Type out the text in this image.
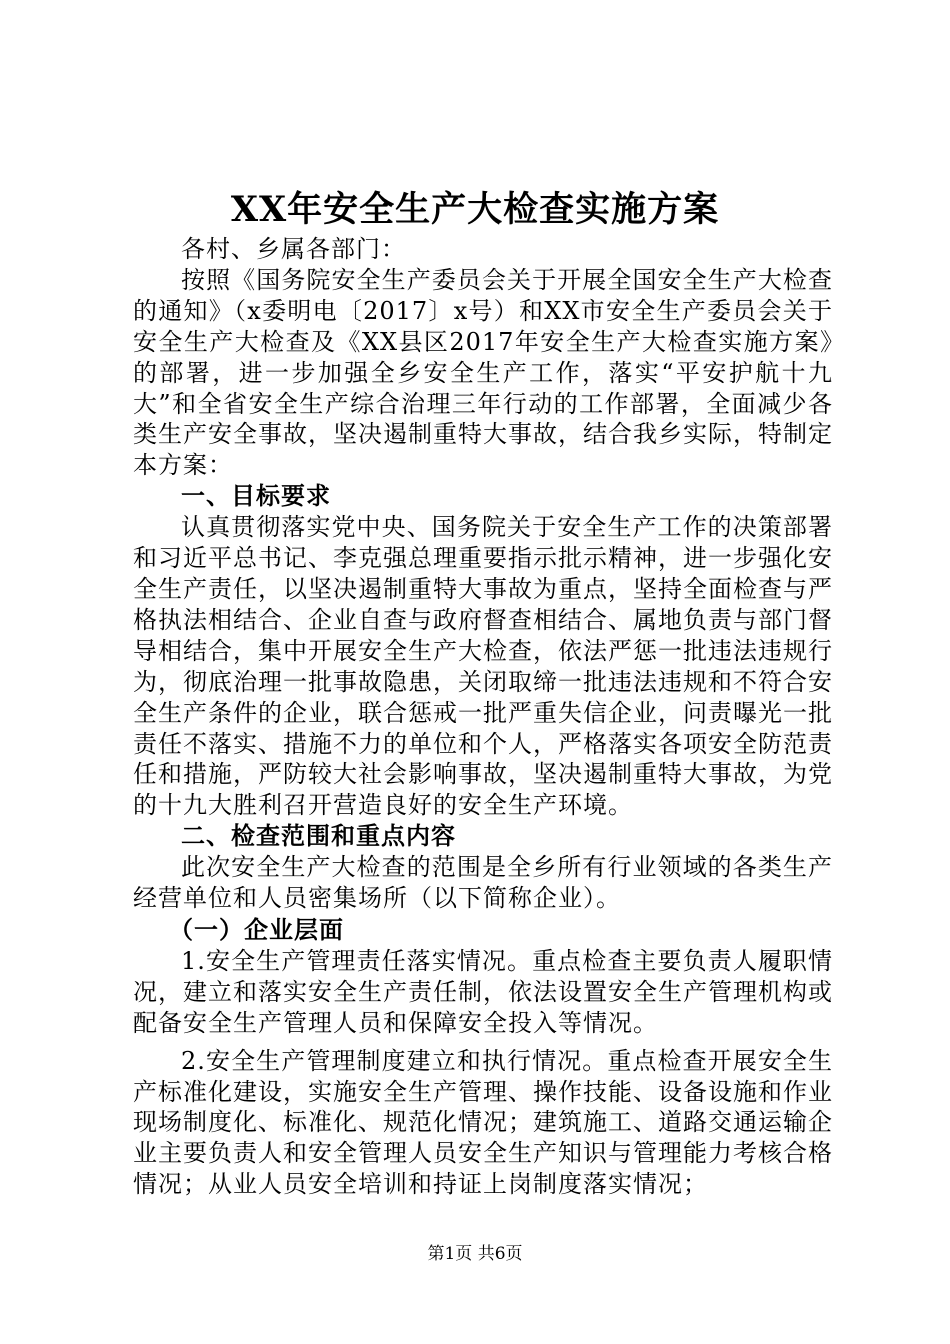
XX年安全生产大检查实施方案

各村、乡属各部门：

按照《国务院安全生产委员会关于开展全国安全生产大检查的通知》（x委明电〔2017〕x号）和XX市安全生产委员会关于安全生产大检查及《XX县区2017年安全生产大检查实施方案》的部署，进一步加强全乡安全生产工作，落实“平安护航十九大”和全省安全生产综合治理三年行动的工作部署，全面减少各类生产安全事故，坚决遏制重特大事故，结合我乡实际，特制定本方案：

一、目标要求

认真贯彻落实党中央、国务院关于安全生产工作的决策部署和习近平总书记、李克强总理重要指示批示精神，进一步强化安全生产责任，以坚决遏制重特大事故为重点，坚持全面检查与严格执法相结合、企业自查与政府督查相结合、属地负责与部门督导相结合，集中开展安全生产大检查，依法严惩一批违法违规行为，彻底治理一批事故隐患，关闭取缔一批违法违规和不符合安全生产条件的企业，联合惩戒一批严重失信企业，问责曝光一批责任不落实、措施不力的单位和个人，严格落实各项安全防范责任和措施，严防较大社会影响事故，坚决遏制重特大事故，为党的十九大胜利召开营造良好的安全生产环境。

二、检查范围和重点内容

此次安全生产大检查的范围是全乡所有行业领域的各类生产经营单位和人员密集场所（以下简称企业）。

（一）企业层面

1.安全生产管理责任落实情况。重点检查主要负责人履职情况，建立和落实安全生产责任制，依法设置安全生产管理机构或配备安全生产管理人员和保障安全投入等情况。

2.安全生产管理制度建立和执行情况。重点检查开展安全生产标准化建设，实施安全生产管理、操作技能、设备设施和作业现场制度化、标准化、规范化情况；建筑施工、道路交通运输企业主要负责人和安全管理人员安全生产知识与管理能力考核合格情况；从业人员安全培训和持证上岗制度落实情况；

第1页 共6页
